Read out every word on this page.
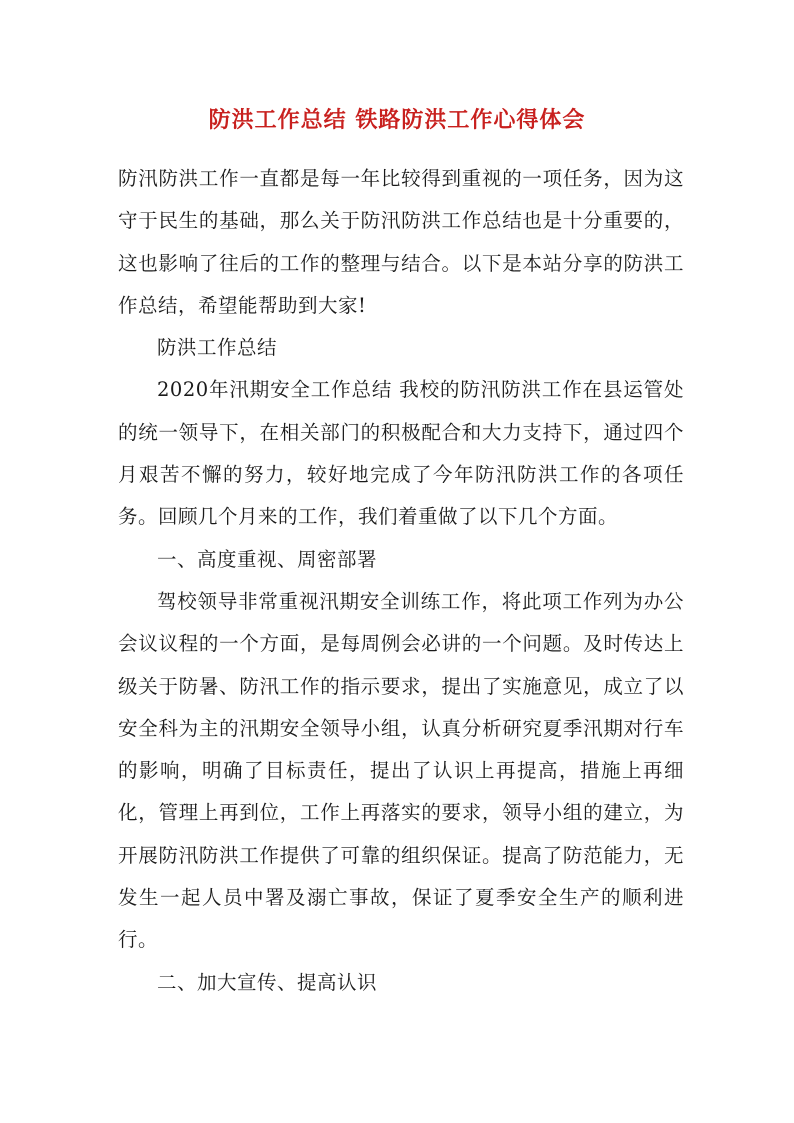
防洪工作总结 铁路防洪工作心得体会

防汛防洪工作一直都是每一年比较得到重视的一项任务，因为这守于民生的基础，那么关于防汛防洪工作总结也是十分重要的，这也影响了往后的工作的整理与结合。以下是本站分享的防洪工作总结，希望能帮助到大家!

防洪工作总结

2020年汛期安全工作总结 我校的防汛防洪工作在县运管处的统一领导下，在相关部门的积极配合和大力支持下，通过四个月艰苦不懈的努力，较好地完成了今年防汛防洪工作的各项任务。回顾几个月来的工作，我们着重做了以下几个方面。

一、高度重视、周密部署

驾校领导非常重视汛期安全训练工作，将此项工作列为办公会议议程的一个方面，是每周例会必讲的一个问题。及时传达上级关于防暑、防汛工作的指示要求，提出了实施意见，成立了以安全科为主的汛期安全领导小组，认真分析研究夏季汛期对行车的影响，明确了目标责任，提出了认识上再提高，措施上再细化，管理上再到位，工作上再落实的要求，领导小组的建立，为开展防汛防洪工作提供了可靠的组织保证。提高了防范能力，无发生一起人员中署及溺亡事故，保证了夏季安全生产的顺利进行。

二、加大宣传、提高认识
